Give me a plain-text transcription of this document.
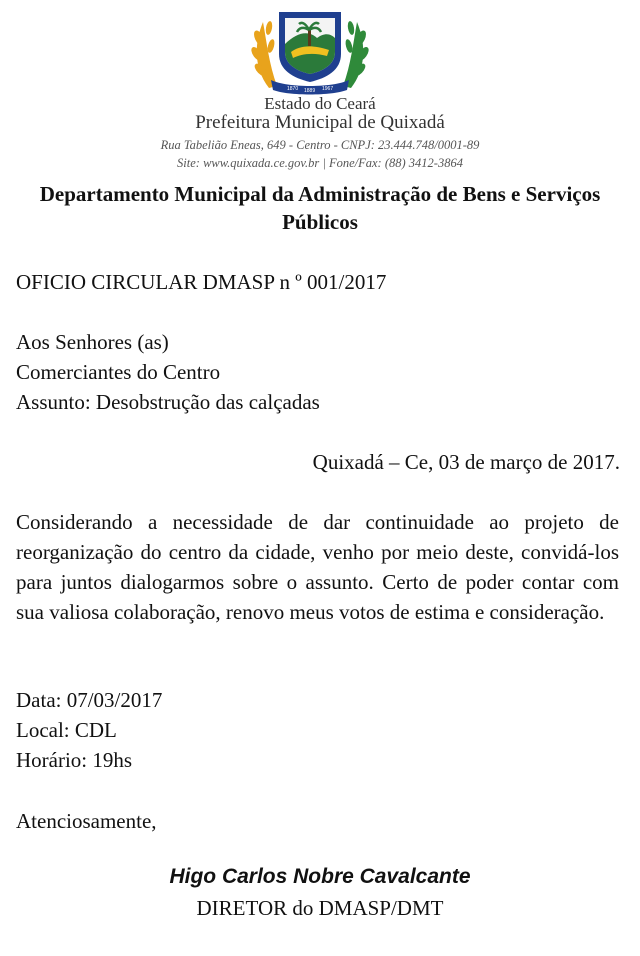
1870 1889 1967
Estado do Ceará
Prefeitura Municipal de Quixadá
Rua Tabelião Eneas, 649 - Centro - CNPJ: 23.444.748/0001-89
Site: www.quixada.ce.gov.br | Fone/Fax: (88) 3412-3864
Departamento Municipal da Administração de Bens e Serviços Públicos
OFICIO CIRCULAR DMASP n º 001/2017
Aos Senhores (as)
Comerciantes do Centro
Assunto: Desobstrução das calçadas
Quixadá – Ce, 03 de março de 2017.
Considerando a necessidade de dar continuidade ao projeto de reorganização do centro da cidade, venho por meio deste, convidá-los para juntos dialogarmos sobre o assunto. Certo de poder contar com sua valiosa colaboração, renovo meus votos de estima e consideração.
Data: 07/03/2017
Local: CDL
Horário: 19hs
Atenciosamente,
Higo Carlos Nobre Cavalcante
DIRETOR do DMASP/DMT
